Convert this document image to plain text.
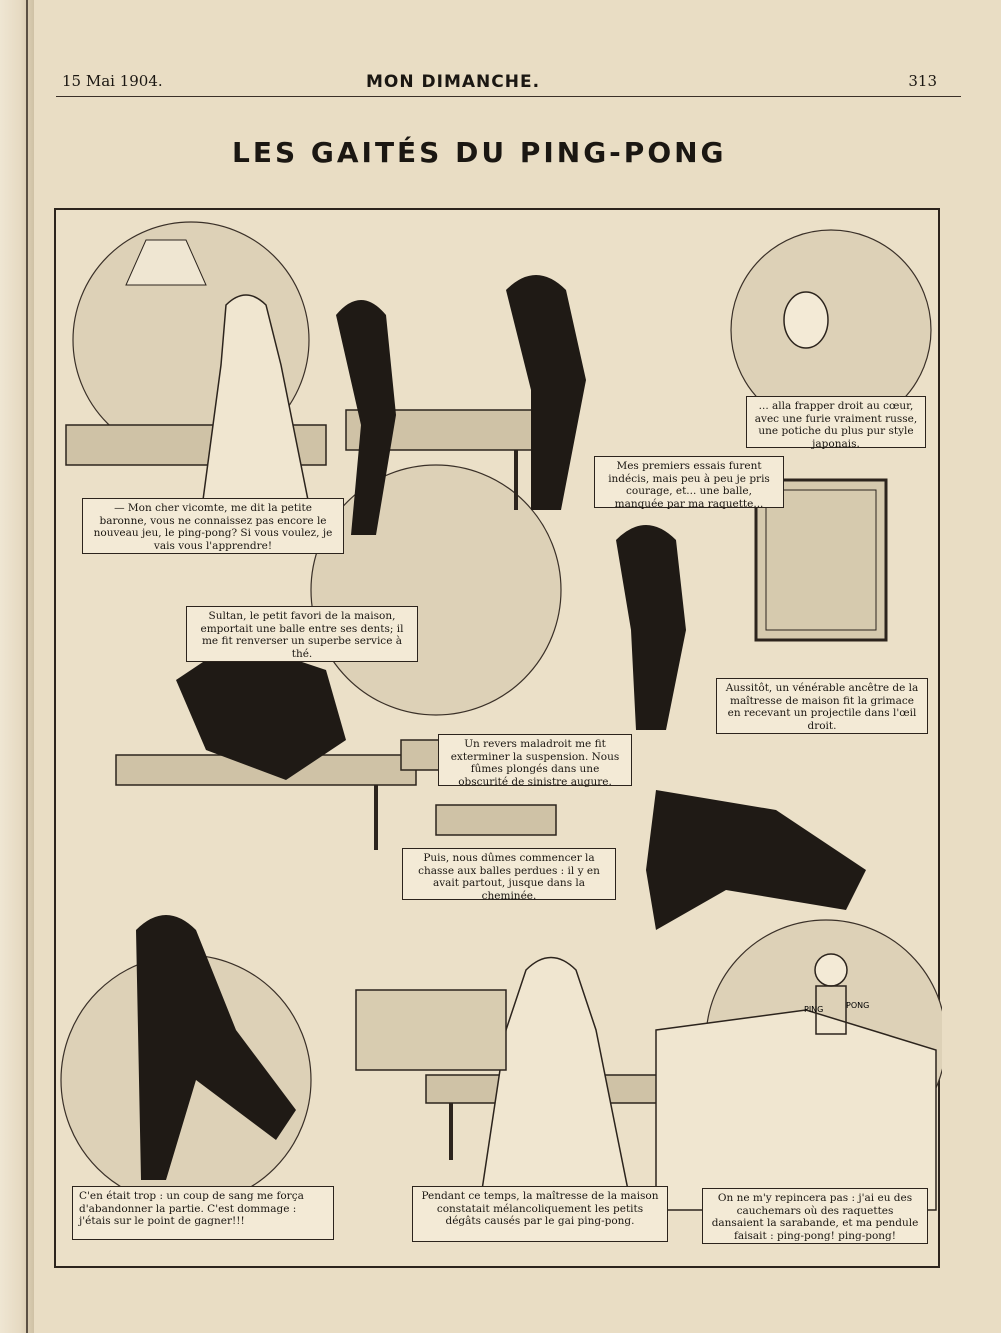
15 Mai 1904.	MON DIMANCHE.	313
LES GAITÉS DU PING-PONG
PING	PONG
— Mon cher vicomte, me dit la petite baronne, vous ne connaissez pas encore le nouveau jeu, le ping-pong? Si vous voulez, je vais vous l'apprendre!
Mes premiers essais furent indécis, mais peu à peu je pris courage, et... une balle, manquée par ma raquette...
... alla frapper droit au cœur, avec une furie vraiment russe, une potiche du plus pur style japonais.
Sultan, le petit favori de la maison, emportait une balle entre ses dents; il me fit renverser un superbe service à thé.
Aussitôt, un vénérable ancêtre de la maîtresse de maison fit la grimace en recevant un projectile dans l'œil droit.
Un revers maladroit me fit exterminer la suspension. Nous fûmes plongés dans une obscurité de sinistre augure.
Puis, nous dûmes commencer la chasse aux balles perdues : il y en avait partout, jusque dans la cheminée.
C'en était trop : un coup de sang me força d'abandonner la partie. C'est dommage : j'étais sur le point de gagner!!!
Pendant ce temps, la maîtresse de la maison constatait mélancoliquement les petits dégâts causés par le gai ping-pong.
On ne m'y repincera pas : j'ai eu des cauchemars où des raquettes dansaient la sarabande, et ma pendule faisait : ping-pong! ping-pong!
